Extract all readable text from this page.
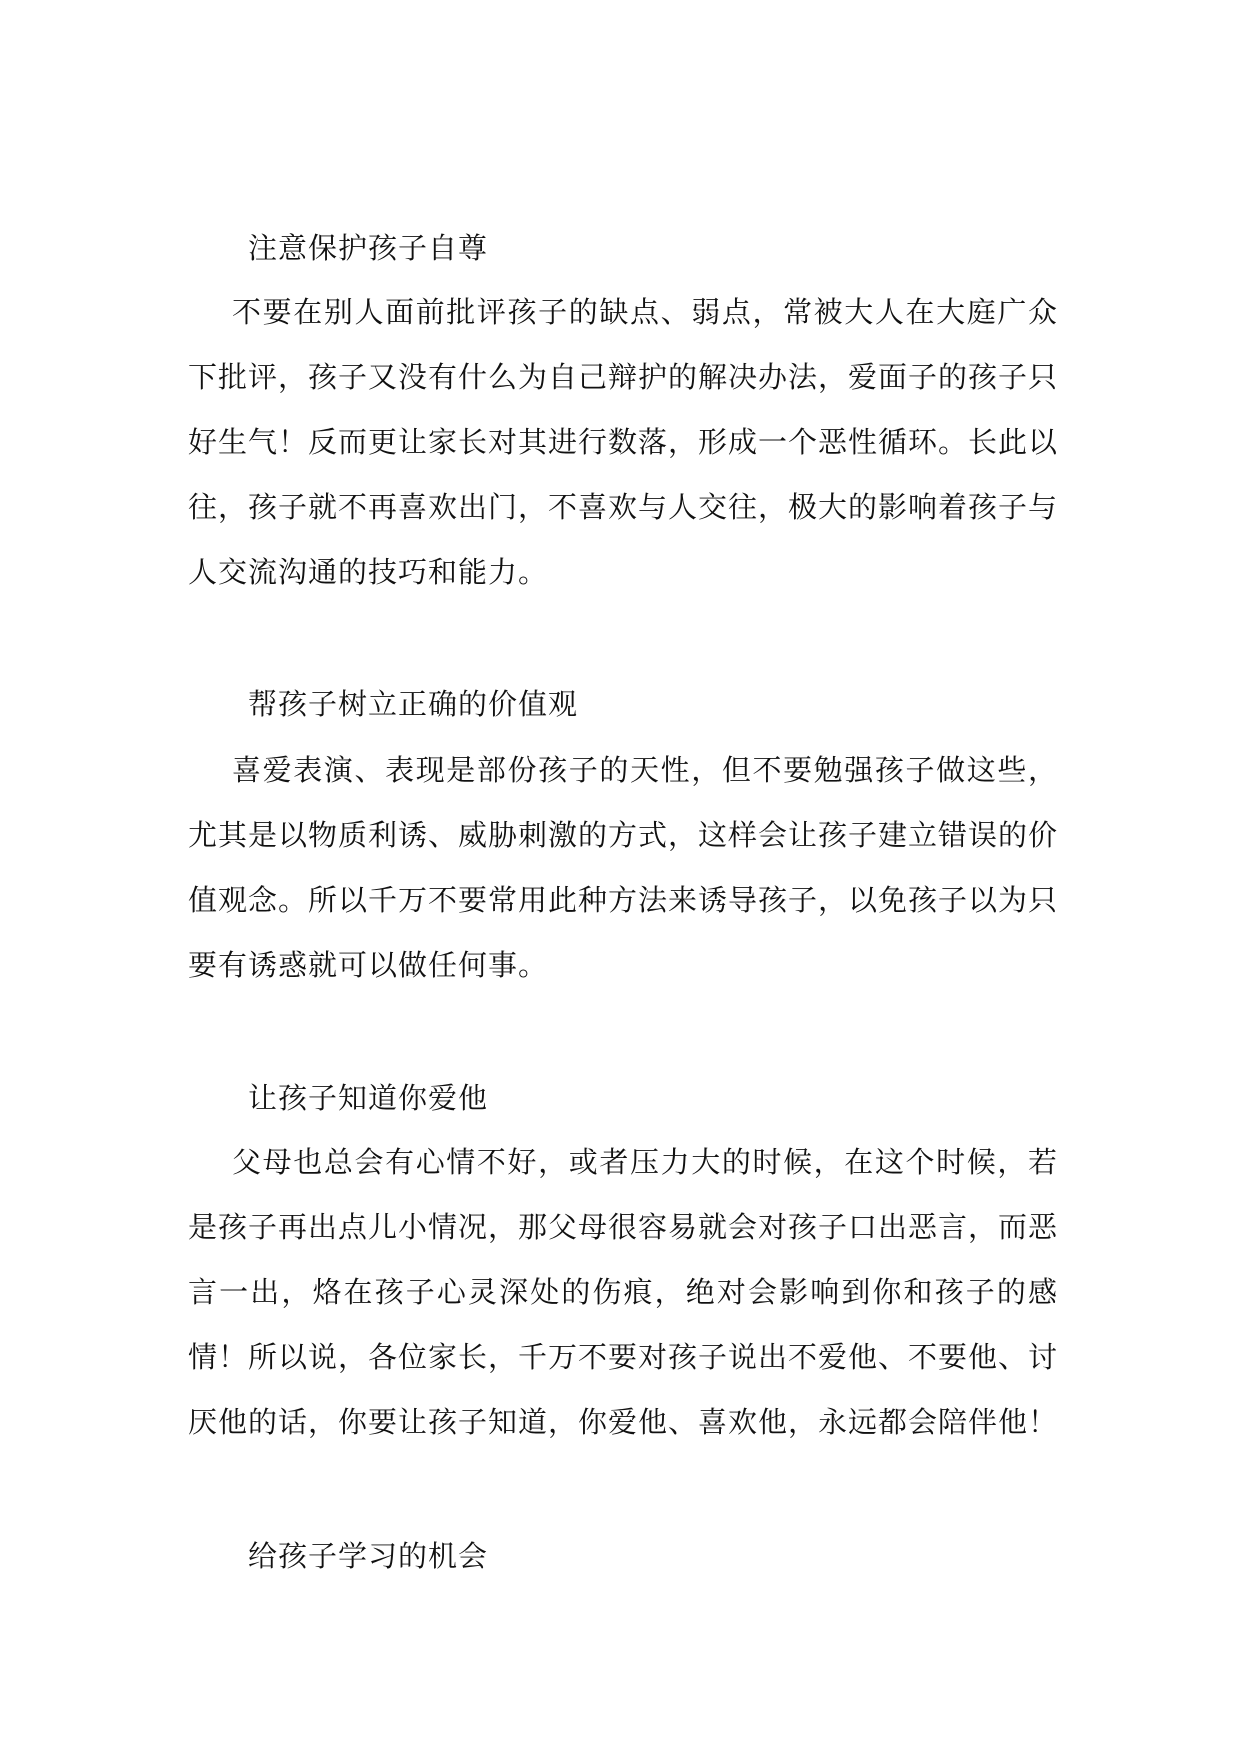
注意保护孩子自尊

不要在别人面前批评孩子的缺点、弱点，常被大人在大庭广众下批评，孩子又没有什么为自己辩护的解决办法，爱面子的孩子只好生气！反而更让家长对其进行数落，形成一个恶性循环。长此以往，孩子就不再喜欢出门，不喜欢与人交往，极大的影响着孩子与人交流沟通的技巧和能力。

帮孩子树立正确的价值观

喜爱表演、表现是部份孩子的天性，但不要勉强孩子做这些，尤其是以物质利诱、威胁刺激的方式，这样会让孩子建立错误的价值观念。所以千万不要常用此种方法来诱导孩子，以免孩子以为只要有诱惑就可以做任何事。

让孩子知道你爱他

父母也总会有心情不好，或者压力大的时候，在这个时候，若是孩子再出点儿小情况，那父母很容易就会对孩子口出恶言，而恶言一出，烙在孩子心灵深处的伤痕，绝对会影响到你和孩子的感情！所以说，各位家长，千万不要对孩子说出不爱他、不要他、讨厌他的话，你要让孩子知道，你爱他、喜欢他，永远都会陪伴他！

给孩子学习的机会
